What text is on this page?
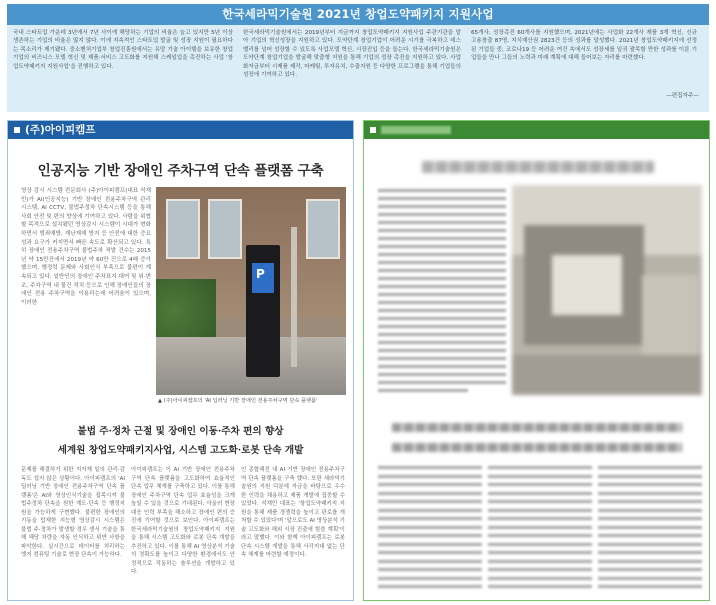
한국세라믹기술원 2021년 창업도약패키지 지원사업
국내 스타트업 가운데 3년에서 7년 사이에 해당하는 기업의 비율은 늘고 있지만 5년 이상 생존하는 기업의 비율은 많지 않다. 이에 지속적인 스타트업 발굴 및 성장 지원이 필요하다는 목소리가 제기됐다. 중소벤처기업부 창업진흥원에서는 유망 기술 아이템을 보유한 창업기업의 비즈니스 모델 혁신 및 제품·서비스 고도화를 지원해 스케일업을 촉진하는 사업 '창업도약패키지 지원사업'을 진행하고 있다.
한국세라믹기술원에서는 2019년부터 지금까지 창업도약패키지 지원사업 주관기관을 맡아 기업의 혁신성장을 지원하고 있다. 도약단계 창업기업이 어려운 시기를 극복하고 데스밸리를 넘어 성장할 수 있도록 사업모델 혁신, 시장진입 등을 돕는다. 한국세라믹기술원은 도약단계 창업기업을 발굴해 맞춤형 지원을 통해 기업의 성장 촉진을 지원하고 있다. 사업화자금부터 시제품 제작, 마케팅, 투자유치, 수출지원 등 다양한 프로그램을 통해 기업들의 성장에 기여하고 있다.
65개사, 성장촉진 60개사를 지원했으며, 2021년에는 사업화 22개사 제품 3개 혁신, 신규 고용창출 87명, 지식재산권 2823건 등의 성과를 달성했다. 2021년 창업도약패키지에 선정 된 기업들 중, 코로나19 등 어려운 여건 속에서도 성장세를 일궈 괄목할 만한 성과를 이룬 기업들을 만나 그들의 노력과 미래 계획에 대해 들어보는 자리를 마련했다.
—편집자주—
(주)아이피캠프
인공지능 기반 장애인 주차구역 단속 플랫폼 구축
영상 감시 시스템 전문회사 (주)아이피캠프(대표 석재민)가 AI(인공지능) 기반 장애인 전용주차구역 관리 시스템, AI CCTV, 불법주정차 단속시스템 등을 통해 사회 안전 및 편의 향상에 기여하고 있다. 사람을 위협할 목적으로 설치됐던 영상감시 시스템이 시대가 변화하면서 범죄예방, 재난재해 방지 등 안전에 대한 증요성과 요구가 커지면서 빠른 속도로 확산되고 있다. 특히 장애인 전용주차구역 불법주차 적발 건수는 2015년 약 15만건에서 2019년 약 60만 건으로 4배 증가했으며, 행정력 문제와 사회인식 부족으로 불편이 계속되고 있다. 일반인의 장애인 주차표지 대여 및 위·변조, 주차구역 내 물건 적치 등으로 인해 장애인들의 장애인 전용 주차구역을 이용하는데 어려움이 있으며, 이러한
P
▲ (주)아이피캠프의 'AI 딥러닝 기반 장애인 전용주차구역 단속 플랫폼'
불법 주·정차 근절 및 장애인 이동·주차 편의 향상
세계원 창업도약패키지사업, 시스템 고도화·로봇 단속 개발
문제를 해결하기 위한 지자체 일의 관리·감독도 쉽지 않은 상황이다. 아이피캠프의 'AI 딥러닝 기반 장애인 전용주차구역 단속 플랫폼'은 AI와 영상인식기술을 접목시켜 불법주정차 단속을 원한 계도·단속 등 행정지원을 가능하게 구현했다. 불편한 장애인의 기동을 탑재한 지능형 영상감시 시스템은 불법 주·정차가 발생할 경우 센서 기술을 통해 해당 차량을 자동 인식하고 위반 사항을 파악한다. 실시간으로 데이터를 처리하는 엣지 컴퓨팅 기술로 현장 단속이 가능하다.
아이피캠프는 이 AI 기반 장애인 전용주차구역 단속 플랫폼을 고도화하여 효율적인 단속 업무 체계를 구축하고 있다. 이를 통해 장애인 주차구역 단속 업무 효율성을 크게 높일 수 있을 것으로 기대된다. 아울러 현장 대응 인력 부족을 해소하고 장애인 편의 증진에 기여할 것으로 보인다. 아이피캠프는 한국세라믹기술원의 창업도약패키지 지원을 통해 시스템 고도화와 로봇 단속 개발을 추진하고 있다. 이를 통해 AI 영상분석 기술의 정확도를 높이고 다양한 환경에서도 안정적으로 작동하는 솔루션을 개발하고 있다.
인 종합해진 내 AI 기반 장애인 전용주차구역 단속 플랫폼을 구축 했다. 또한 세라믹기술원의 지원 덕분에 자금을 바탕으로 우수한 인력을 채용하고 제품 개발에 집중할 수 있었다. 석재민 대표는 '창업도약패키지 지원을 통해 제품 경쟁력을 높이고 판로를 개척할 수 있었다'며 '앞으로도 AI 영상분석 기술 고도화와 해외 시장 진출에 힘쓸 계획'이라고 말했다. 이와 함께 아이피캠프는 로봇 단속 시스템 개발을 통해 사각지대 없는 단속 체계를 마련할 예정이다.
